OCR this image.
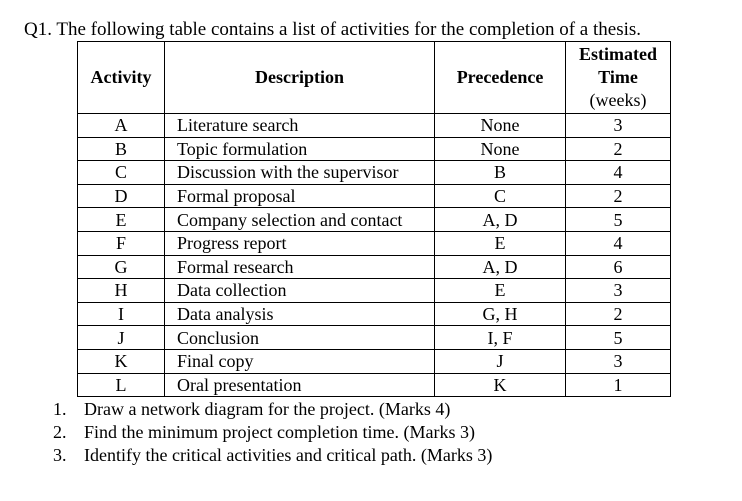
Q1. The following table contains a list of activities for the completion of a thesis.
Activity	Description	Precedence	Estimated
Time
(weeks)

A	Literature search	None	3
B	Topic formulation	None	2
C	Discussion with the supervisor	B	4
D	Formal proposal	C	2
E	Company selection and contact	A, D	5
F	Progress report	E	4
G	Formal research	A, D	6
H	Data collection	E	3
I	Data analysis	G, H	2
J	Conclusion	I, F	5
K	Final copy	J	3
L	Oral presentation	K	1
1. Draw a network diagram for the project. (Marks 4)
2. Find the minimum project completion time. (Marks 3)
3. Identify the critical activities and critical path. (Marks 3)
